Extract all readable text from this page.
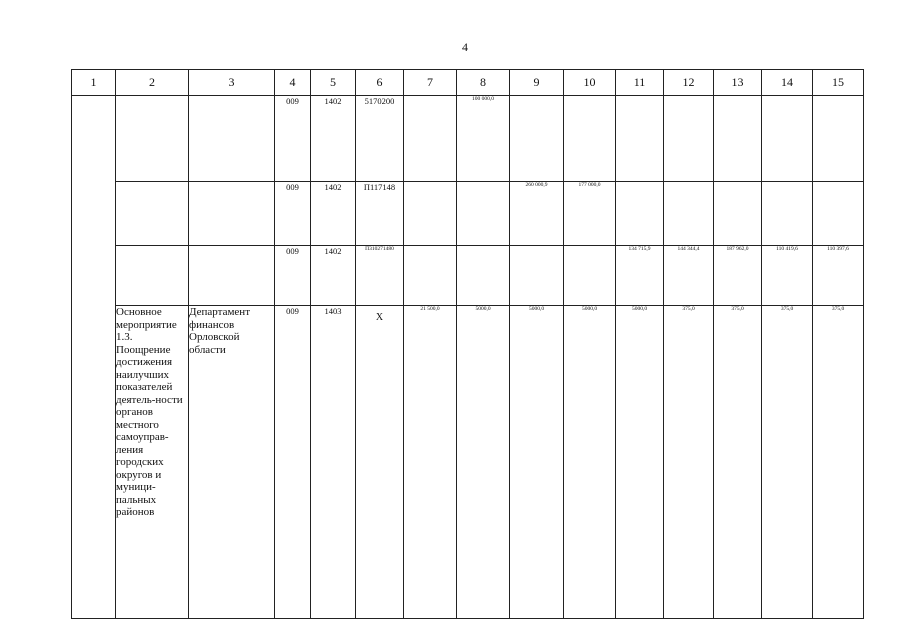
4
1	2	3	4	5	6	7	8	9	10	11	12	13	14	15
			009	1402	5170200		100 000,0							
			009	1402	П117148			260 000,9	177 000,0					
			009	1402	П310271480					134 715,9	144 344,4	187 962,0	110 419,6	110 397,6
	Основное мероприятие 1.3. Поощрение достижения наилучших показателей деятель-ности органов местного самоуправ-ления городских округов и муници-пальных районов	Департамент финансов Орловской области	009	1403	Х	21 500,0	5000,0	5000,0	5000,0	5000,0	375,0	375,0	375,0	375,0
